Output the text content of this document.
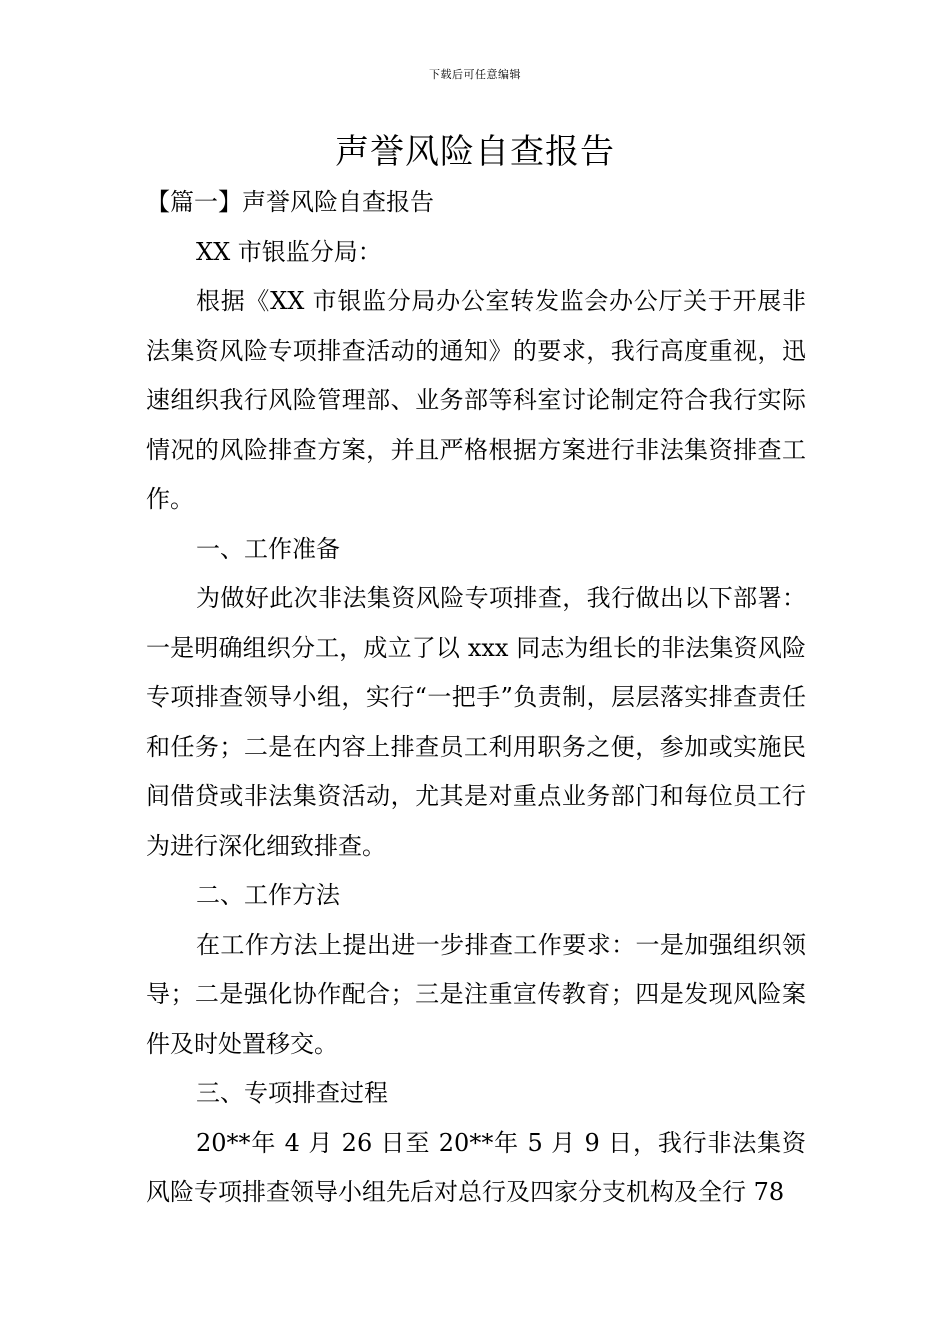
下载后可任意编辑
声誉风险自查报告

【篇一】声誉风险自查报告

XX 市银监分局：

根据《XX 市银监分局办公室转发监会办公厅关于开展非法集资风险专项排查活动的通知》的要求，我行高度重视，迅速组织我行风险管理部、业务部等科室讨论制定符合我行实际情况的风险排查方案，并且严格根据方案进行非法集资排查工作。

一、工作准备

为做好此次非法集资风险专项排查，我行做出以下部署：一是明确组织分工，成立了以 xxx 同志为组长的非法集资风险专项排查领导小组，实行“一把手”负责制，层层落实排查责任和任务；二是在内容上排查员工利用职务之便，参加或实施民间借贷或非法集资活动，尤其是对重点业务部门和每位员工行为进行深化细致排查。

二、工作方法

在工作方法上提出进一步排查工作要求：一是加强组织领导；二是强化协作配合；三是注重宣传教育；四是发现风险案件及时处置移交。

三、专项排查过程

20**年 4 月 26 日至 20**年 5 月 9 日，我行非法集资风险专项排查领导小组先后对总行及四家分支机构及全行 78
